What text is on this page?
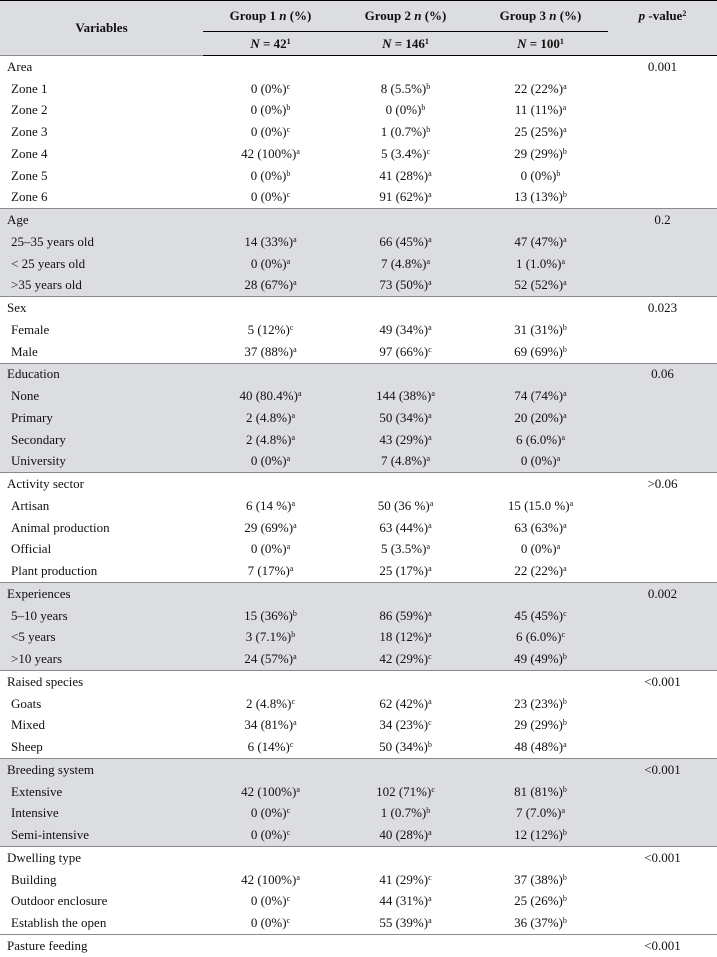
Variables	Group 1 n (%)	Group 2 n (%)	Group 3 n (%)	p -value$^2$
	$N = 42^1$	$N = 146^1$	$N = 100^1$	
Area				0.001
Zone 1	0 $(0\%)^c$	8 $(5.5\%)^b$	22 $(22\%)^a$	
Zone 2	0 $(0\%)^b$	0 $(0\%)^b$	11 $(11\%)^a$	
Zone 3	0 $(0\%)^c$	1 $(0.7\%)^b$	25 $(25\%)^a$	
Zone 4	42 $(100\%)^a$	5 $(3.4\%)^c$	29 $(29\%)^b$	
Zone 5	0 $(0\%)^b$	41 $(28\%)^a$	0 $(0\%)^b$	
Zone 6	0 $(0\%)^c$	91 $(62\%)^a$	13 $(13\%)^b$	
Age				0.2
25–35 years old	14 $(33\%)^a$	66 $(45\%)^a$	47 $(47\%)^a$	
< 25 years old	0 $(0\%)^a$	7 $(4.8\%)^a$	1 $(1.0\%)^a$	
>35 years old	28 $(67\%)^a$	73 $(50\%)^a$	52 $(52\%)^a$	
Sex				0.023
Female	5 $(12\%)^c$	49 $(34\%)^a$	31 $(31\%)^b$	
Male	37 $(88\%)^a$	97 $(66\%)^c$	69 $(69\%)^b$	
Education				0.06
None	40 $(80.4\%)^a$	144 $(38\%)^a$	74 $(74\%)^a$	
Primary	2 $(4.8\%)^a$	50 $(34\%)^a$	20 $(20\%)^a$	
Secondary	2 $(4.8\%)^a$	43 $(29\%)^a$	6 $(6.0\%)^a$	
University	0 $(0\%)^a$	7 $(4.8\%)^a$	0 $(0\%)^a$	
Activity sector				>0.06
Artisan	6 (14 %)$^a$	50 (36 %)$^a$	15 (15.0 %)$^a$	
Animal production	29 $(69\%)^a$	63 $(44\%)^a$	63 $(63\%)^a$	
Official	0 $(0\%)^a$	5 $(3.5\%)^a$	0 $(0\%)^a$	
Plant production	7 $(17\%)^a$	25 $(17\%)^a$	22 $(22\%)^a$	
Experiences				0.002
5–10 years	15 $(36\%)^b$	86 $(59\%)^a$	45 $(45\%)^c$	
<5 years	3 $(7.1\%)^b$	18 $(12\%)^a$	6 $(6.0\%)^c$	
>10 years	24 $(57\%)^a$	42 $(29\%)^c$	49 $(49\%)^b$	
Raised species				<0.001
Goats	2 $(4.8\%)^c$	62 $(42\%)^a$	23 $(23\%)^b$	
Mixed	34 $(81\%)^a$	34 $(23\%)^c$	29 $(29\%)^b$	
Sheep	6 $(14\%)^c$	50 $(34\%)^b$	48 $(48\%)^a$	
Breeding system				<0.001
Extensive	42 $(100\%)^a$	102 $(71\%)^c$	81 $(81\%)^b$	
Intensive	0 $(0\%)^c$	1 $(0.7\%)^b$	7 $(7.0\%)^a$	
Semi-intensive	0 $(0\%)^c$	40 $(28\%)^a$	12 $(12\%)^b$	
Dwelling type				<0.001
Building	42 $(100\%)^a$	41 $(29\%)^c$	37 $(38\%)^b$	
Outdoor enclosure	0 $(0\%)^c$	44 $(31\%)^a$	25 $(26\%)^b$	
Establish the open	0 $(0\%)^c$	55 $(39\%)^a$	36 $(37\%)^b$	
Pasture feeding				<0.001
